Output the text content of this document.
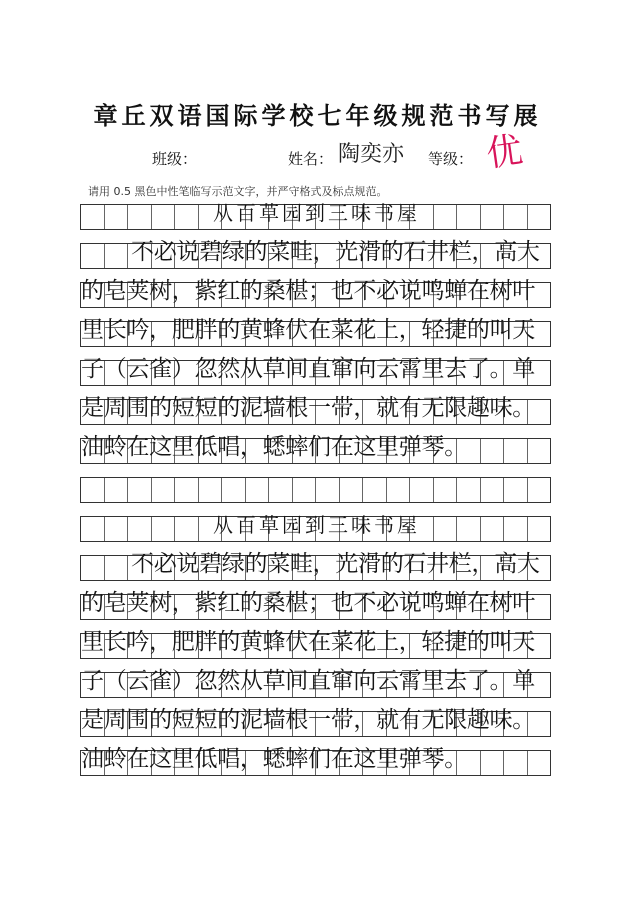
章丘双语国际学校七年级规范书写展
班级：	姓名： 陶奕亦 等级： 优
请用 0.5 黑色中性笔临写示范文字，并严守格式及标点规范。
从百草园到三味书屋
不必说碧绿的菜畦，光滑的石井栏，高大
的皂荚树，紫红的桑椹；也不必说鸣蝉在树叶
里长吟，肥胖的黄蜂伏在菜花上，轻捷的叫天
子（云雀）忽然从草间直窜向云霄里去了。单
是周围的短短的泥墙根一带，就有无限趣味。
油蛉在这里低唱，蟋蟀们在这里弹琴。
从百草园到三味书屋
不必说碧绿的菜畦，光滑的石井栏，高大
的皂荚树，紫红的桑椹；也不必说鸣蝉在树叶
里长吟，肥胖的黄蜂伏在菜花上，轻捷的叫天
子（云雀）忽然从草间直窜向云霄里去了。单
是周围的短短的泥墙根一带，就有无限趣味。
油蛉在这里低唱，蟋蟀们在这里弹琴。
